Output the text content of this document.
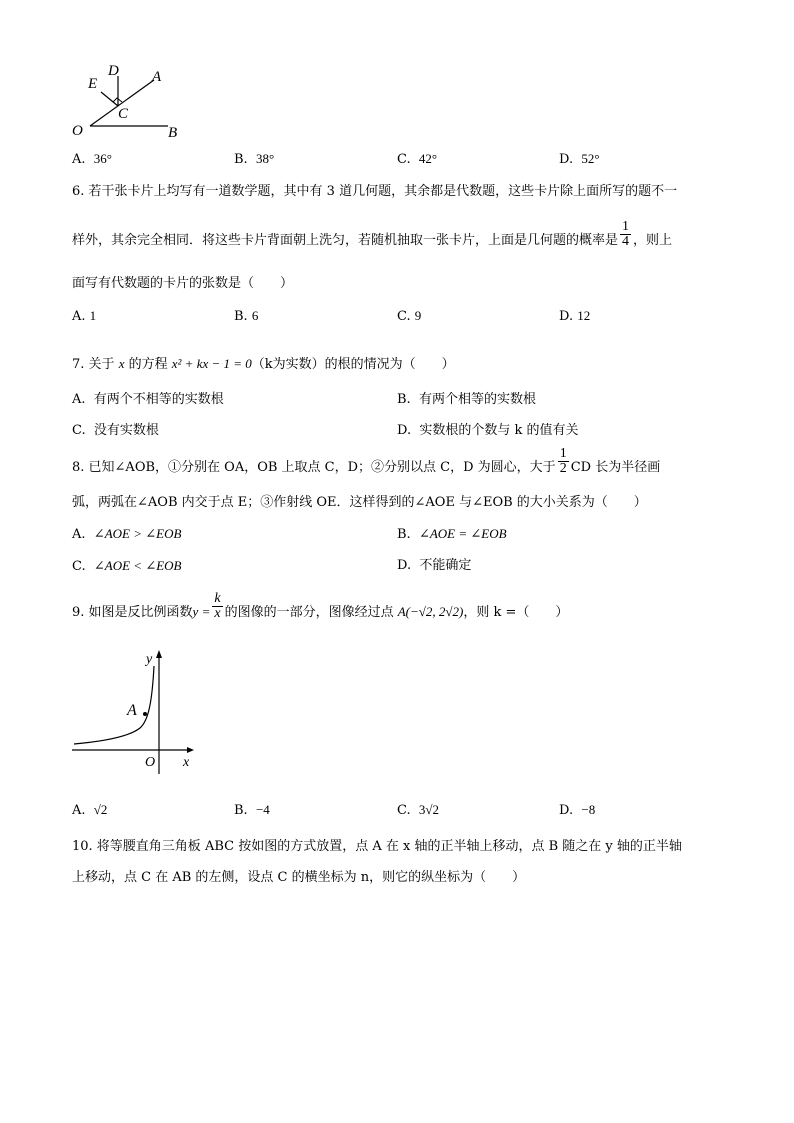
E
D A
C
O	B
A. 36°	B. 38°	C. 42°	D. 52°
6. 若干张卡片上均写有一道数学题，其中有 3 道几何题，其余都是代数题，这些卡片除上面所写的题不一
样外，其余完全相同．将这些卡片背面朝上洗匀，若随机抽取一张卡片，上面是几何题的概率是 $\frac{1}{4}$ ，则上
面写有代数题的卡片的张数是（　　）
A. 1	B. 6	C. 9	D. 12
7. 关于 x 的方程 x² + kx − 1 = 0（k为实数）的根的情况为（　　）
A. 有两个不相等的实数根	B. 有两个相等的实数根
C. 没有实数根	D. 实数根的个数与 k 的值有关
8. 已知∠AOB，①分别在 OA，OB 上取点 C，D；②分别以点 C，D 为圆心，大于 $\frac{1}{2}$ CD 长为半径画
弧，两弧在∠AOB 内交于点 E；③作射线 OE．这样得到的∠AOE 与∠EOB 的大小关系为（　　）
A. ∠AOE > ∠EOB	B. ∠AOE = ∠EOB
C. ∠AOE < ∠EOB	D. 不能确定
9. 如图是反比例函数$y = \frac{k}{x}$ 的图像的一部分，图像经过点 A(−√2, 2√2)，则 k =（　　）
y
A
O x
A. √2	B. −4	C. 3√2	D. −8
10. 将等腰直角三角板 ABC 按如图的方式放置，点 A 在 x 轴的正半轴上移动，点 B 随之在 y 轴的正半轴
上移动，点 C 在 AB 的左侧，设点 C 的横坐标为 n，则它的纵坐标为（　　）
